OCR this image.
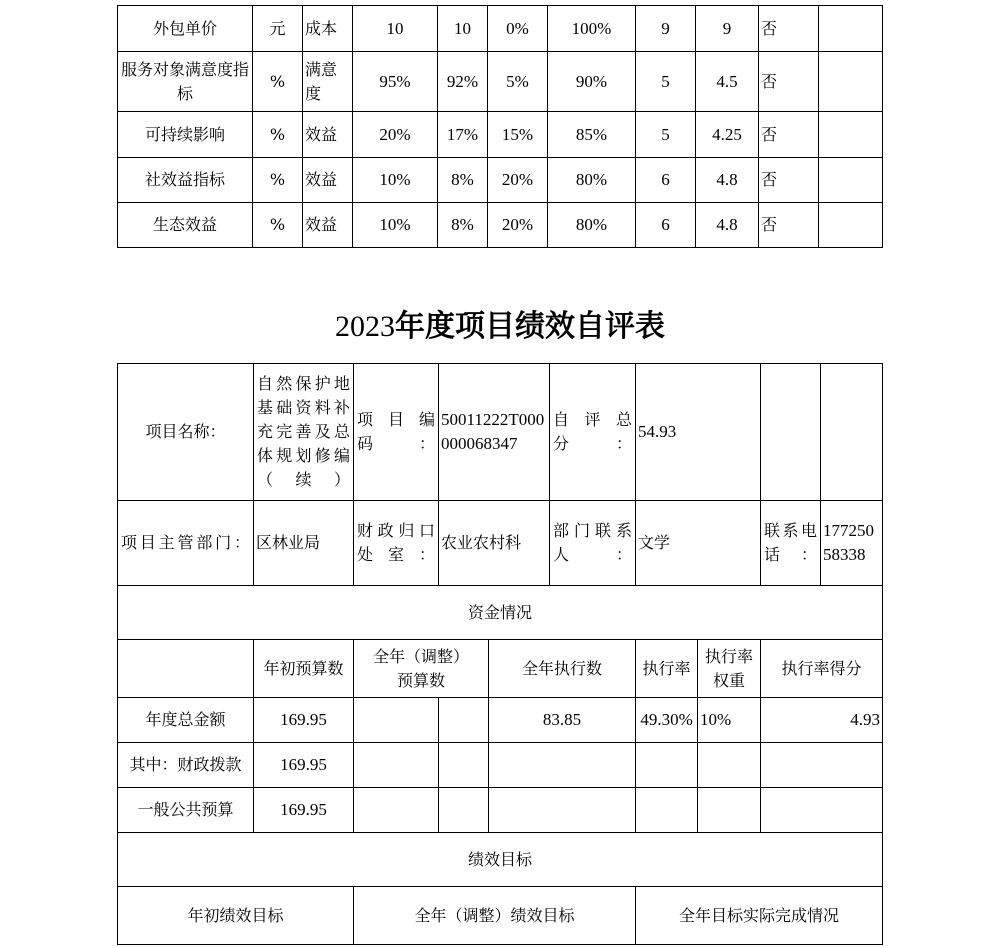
外包单价	元	成本	10	10	0%	100%	9	9	否	
服务对象满意度指标	%	满意度	95%	92%	5%	90%	5	4.5	否	
可持续影响	%	效益	20%	17%	15%	85%	5	4.25	否	
社效益指标	%	效益	10%	8%	20%	80%	6	4.8	否	
生态效益	%	效益	10%	8%	20%	80%	6	4.8	否	
2023年度项目绩效自评表
项目名称：	自然保护地基础资料补充完善及总体规划修编（续）	项目编码：	50011222T000000068347		自评总分：	54.93			
项目主管部门：	区林业局	财政归口处室：	农业农村科		部门联系人：	文学		联系电话：	17725058338
资金情况									
	年初预算数	全年（调整）预算数		全年执行数		执行率	执行率权重	执行率得分	
年度总金额	169.95			83.85		49.30%	10%	4.93	
其中：财政拨款	169.95								
一般公共预算	169.95								
绩效目标									
年初绩效目标		全年（调整）绩效目标				全年目标实际完成情况			
